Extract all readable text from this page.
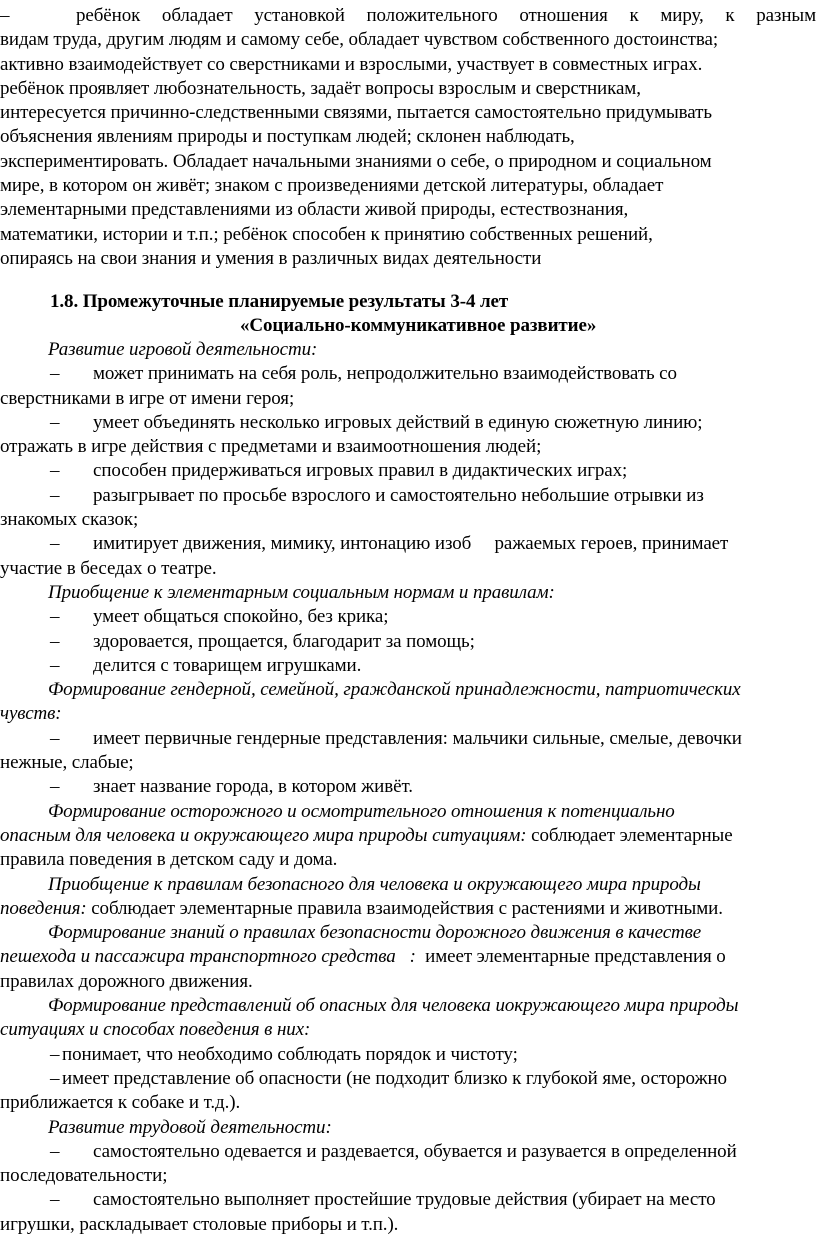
–	ребёнок обладает установкой положительного отношения к миру, к разным
видам труда, другим людям и самому себе, обладает чувством собственного достоинства;
активно взаимодействует со сверстниками и взрослыми, участвует в совместных играх.
ребёнок проявляет любознательность, задаёт вопросы взрослым и сверстникам,
интересуется причинно-следственными связями, пытается самостоятельно придумывать
объяснения явлениям природы и поступкам людей; склонен наблюдать,
экспериментировать. Обладает начальными знаниями о себе, о природном и социальном
мире, в котором он живёт; знаком с произведениями детской литературы, обладает
элементарными представлениями из области живой природы, естествознания,
математики, истории и т.п.; ребёнок способен к принятию собственных решений,
опираясь на свои знания и умения в различных видах деятельности
1.8. Промежуточные планируемые результаты 3-4 лет
«Социально-коммуникативное развитие»
Развитие игровой деятельности:
– может принимать на себя роль, непродолжительно взаимодействовать со
сверстниками в игре от имени героя;
– умеет объединять несколько игровых действий в единую сюжетную линию;
отражать в игре действия с предметами и взаимоотношения людей;
– способен придерживаться игровых правил в дидактических играх;
– разыгрывает по просьбе взрослого и самостоятельно небольшие отрывки из
знакомых сказок;
– имитирует движения, мимику, интонацию изоб     ражаемых героев, принимает
участие в беседах о театре.
Приобщение к элементарным социальным нормам и правилам:
– умеет общаться спокойно, без крика;
– здоровается, прощается, благодарит за помощь;
– делится с товарищем игрушками.
Формирование гендерной, семейной, гражданской принадлежности, патриотических
чувств:
– имеет первичные гендерные представления: мальчики сильные, смелые, девочки
нежные, слабые;
– знает название города, в котором живёт.
Формирование осторожного и осмотрительного отношения к потенциально
опасным для человека и окружающего мира природы ситуациям: соблюдает элементарные
правила поведения в детском саду и дома.
Приобщение к правилам безопасного для человека и окружающего мира природы
поведения: соблюдает элементарные правила взаимодействия с растениями и животными.
Формирование знаний о правилах безопасности дорожного движения в качестве
пешехода и пассажира транспортного средства   :  имеет элементарные представления о
правилах дорожного движения.
Формирование представлений об опасных для человека иокружающего мира природы
ситуациях и способах поведения в них:
– понимает, что необходимо соблюдать порядок и чистоту;
– имеет представление об опасности (не подходит близко к глубокой яме, осторожно
приближается к собаке и т.д.).
Развитие трудовой деятельности:
– самостоятельно одевается и раздевается, обувается и разувается в определенной
последовательности;
– самостоятельно выполняет простейшие трудовые действия (убирает на место
игрушки, раскладывает столовые приборы и т.п.).
